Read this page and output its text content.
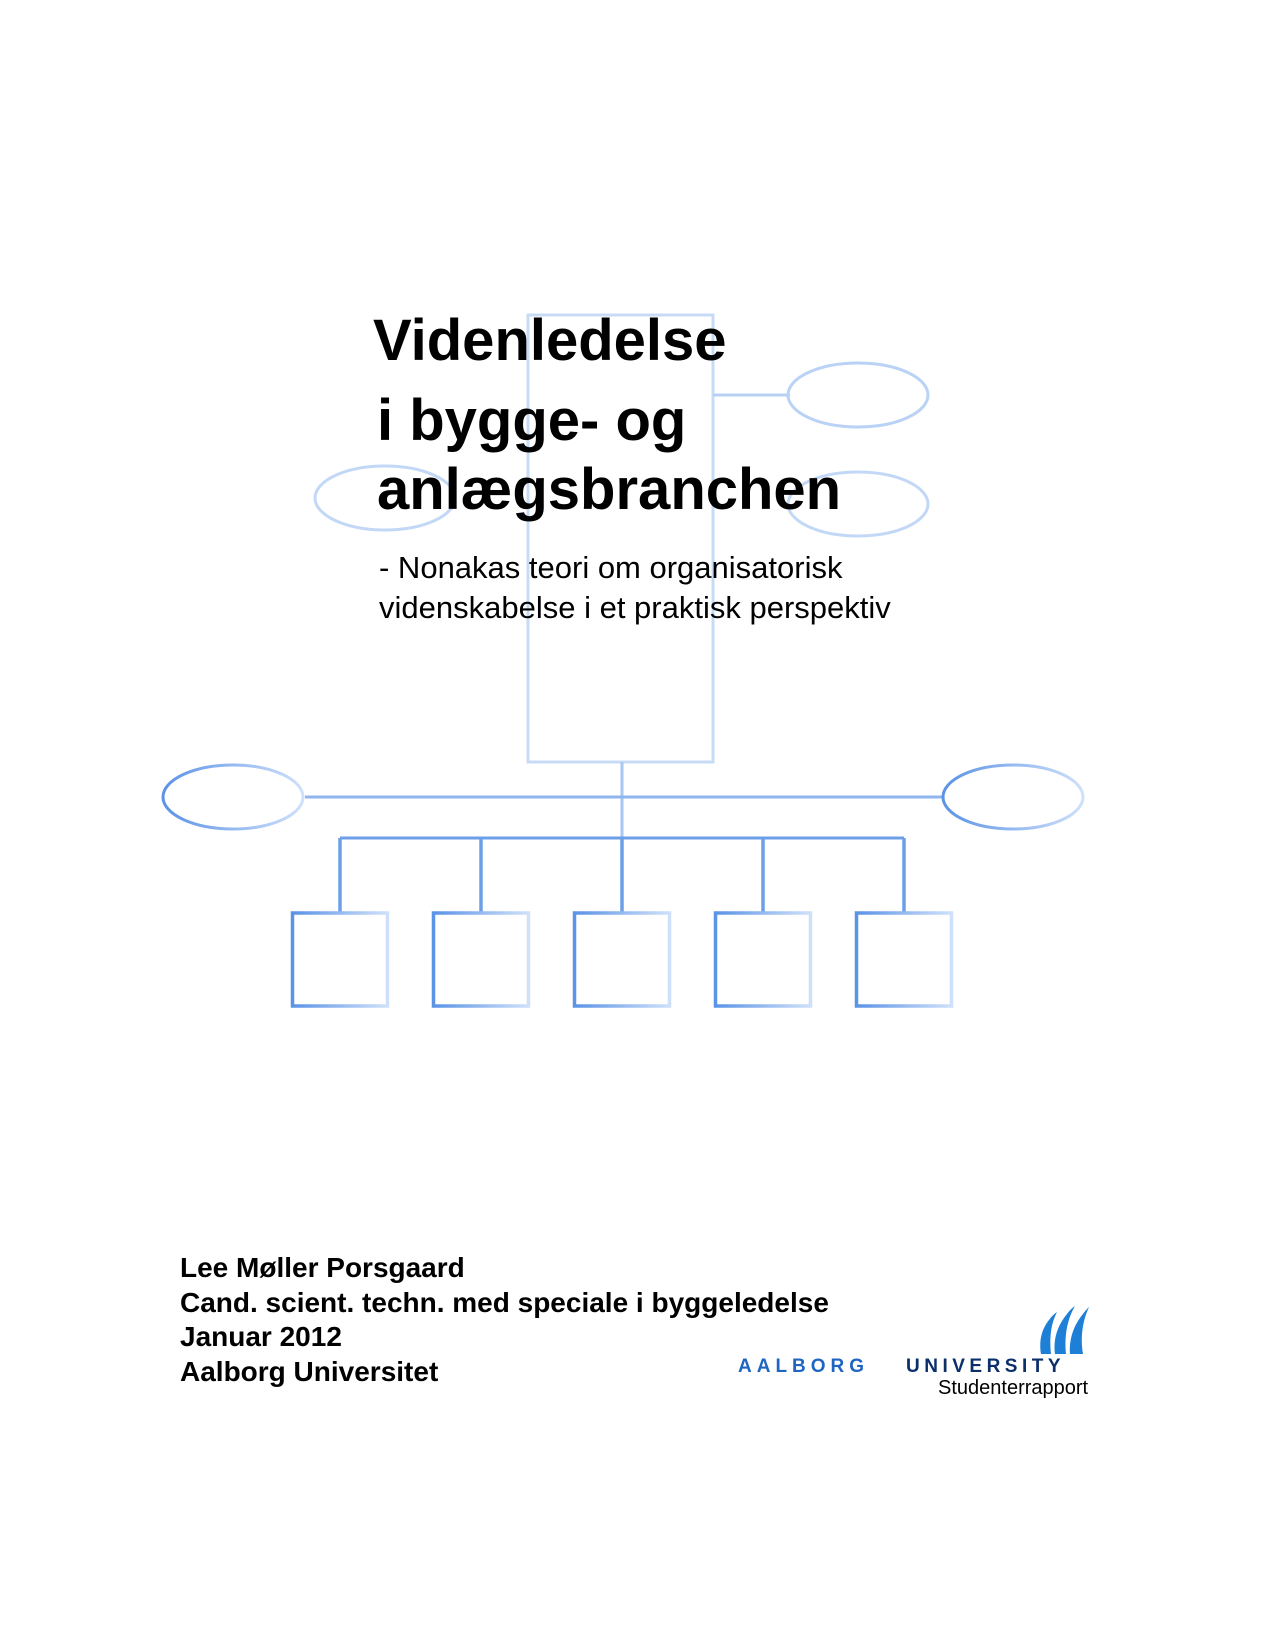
Videnledelse
i bygge- og
anlægsbranchen
- Nonakas teori om organisatorisk
videnskabelse i et praktisk perspektiv
Lee Møller Porsgaard
Cand. scient. techn. med speciale i byggeledelse
Januar 2012
Aalborg Universitet	AALBORG UNIVERSITY
Studenterrapport
